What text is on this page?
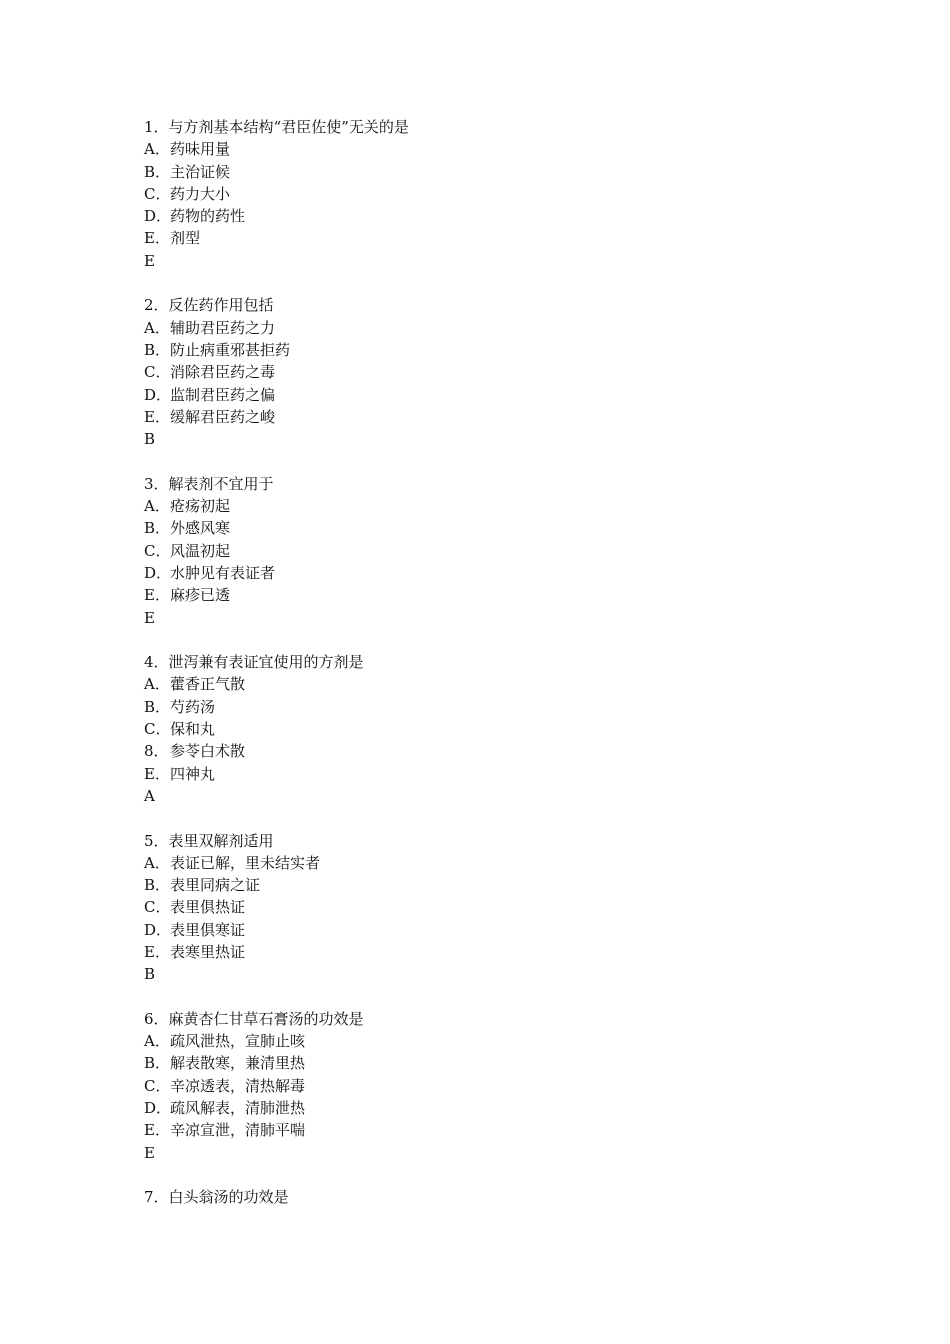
1．与方剂基本结构“君臣佐使”无关的是
A．药味用量
B．主治证候
C．药力大小
D．药物的药性
E．剂型
E
2．反佐药作用包括
A．辅助君臣药之力
B．防止病重邪甚拒药
C．消除君臣药之毒
D．监制君臣药之偏
E．缓解君臣药之峻
B
3．解表剂不宜用于
A．疮疡初起
B．外感风寒
C．风温初起
D．水肿见有表证者
E．麻疹已透
E
4．泄泻兼有表证宜使用的方剂是
A．藿香正气散
B．芍药汤
C．保和丸
8．参苓白术散
E．四神丸
A
5．表里双解剂适用
A．表证已解，里未结实者
B．表里同病之证
C．表里俱热证
D．表里俱寒证
E．表寒里热证
B
6．麻黄杏仁甘草石膏汤的功效是
A．疏风泄热，宣肺止咳
B．解表散寒，兼清里热
C．辛凉透表，清热解毒
D．疏风解表，清肺泄热
E．辛凉宣泄，清肺平喘
E
7．白头翁汤的功效是
